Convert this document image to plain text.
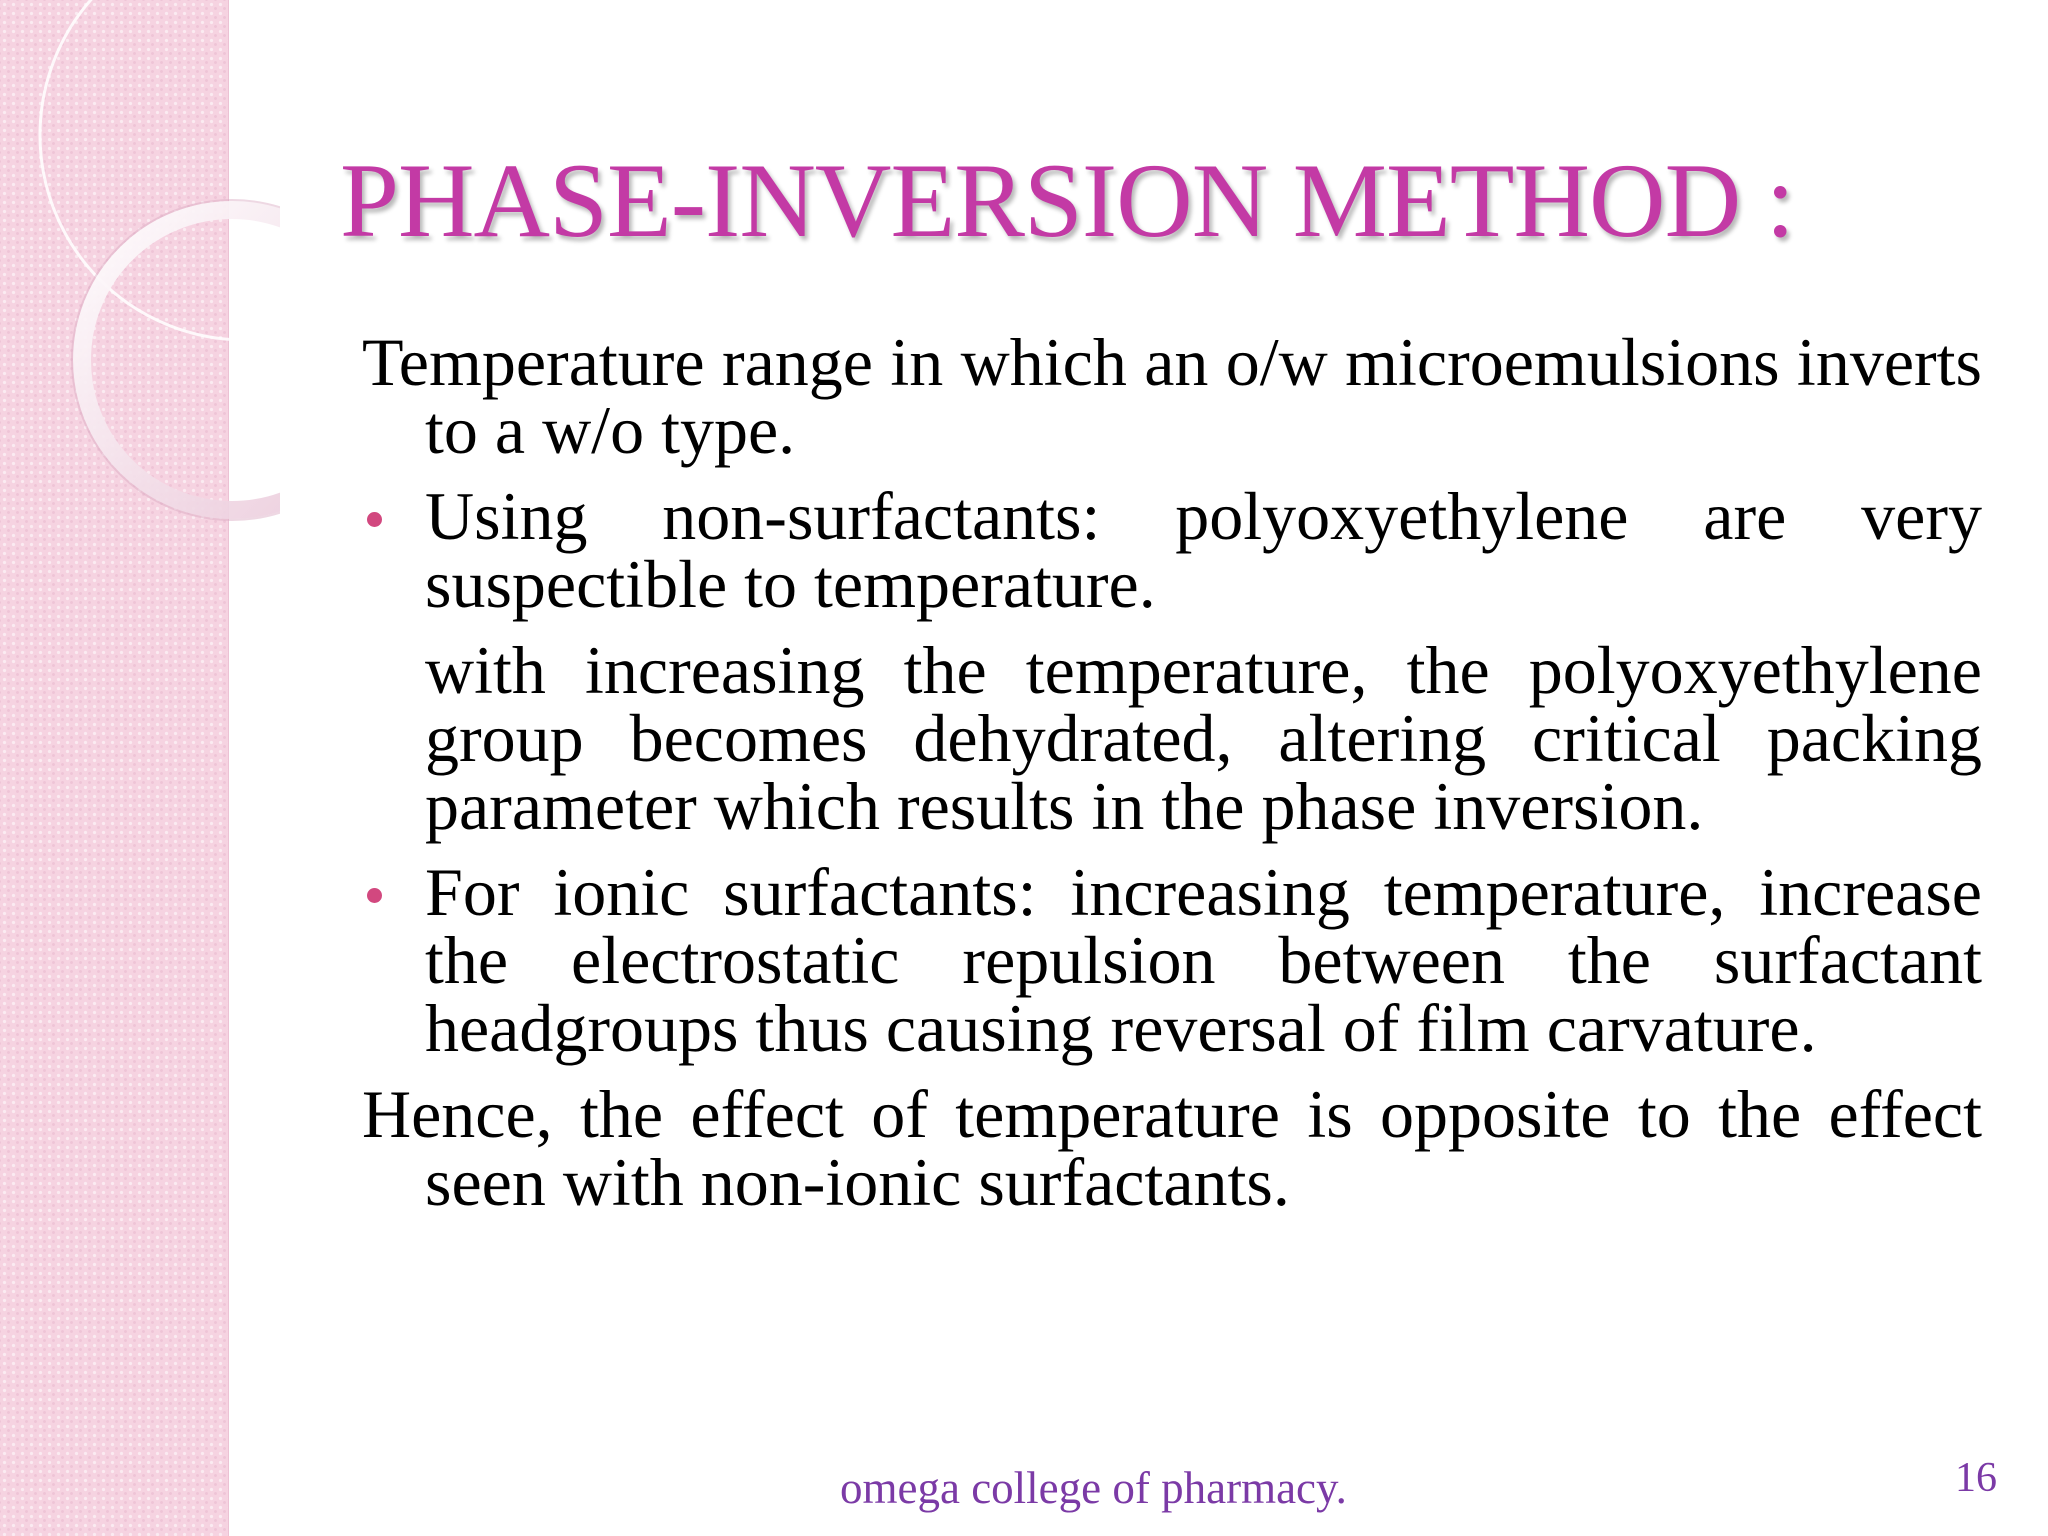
PHASE-INVERSION METHOD :
Temperature range in which an o/w microemulsions inverts to a w/o type.
Using non-surfactants: polyoxyethylene are very suspectible to temperature.
with increasing the temperature, the polyoxyethylene group becomes dehydrated, altering critical packing parameter which results in the phase inversion.
For ionic surfactants: increasing temperature, increase the electrostatic repulsion between the surfactant headgroups thus causing reversal of film carvature.
Hence, the effect of temperature is opposite to the effect seen with non-ionic surfactants.
omega college of pharmacy.	16
